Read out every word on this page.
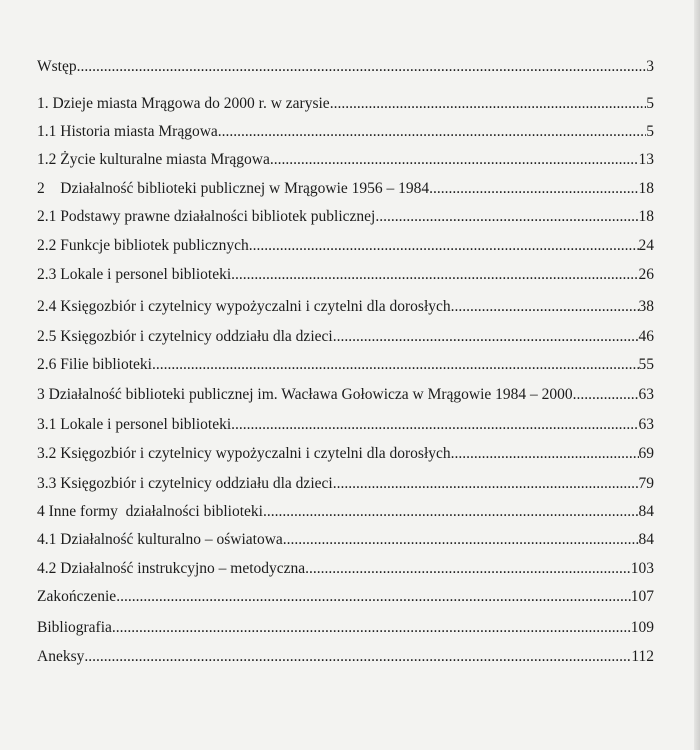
Wstęp .....	3
1. Dzieje miasta Mrągowa do 2000 r. w zarysie .....	5
1.1 Historia miasta Mrągowa .....	5
1.2 Życie kulturalne miasta Mrągowa .....	13
2    Działalność biblioteki publicznej w Mrągowie 1956 – 1984 .....	18
2.1 Podstawy prawne działalności bibliotek publicznej .....	18
2.2 Funkcje bibliotek publicznych .....	24
2.3 Lokale i personel biblioteki .....	26
2.4 Księgozbiór i czytelnicy wypożyczalni i czytelni dla dorosłych .....	38
2.5 Księgozbiór i czytelnicy oddziału dla dzieci .....	46
2.6 Filie biblioteki .....	55
3 Działalność biblioteki publicznej im. Wacława Gołowicza w Mrągowie 1984 – 2000 .....	63
3.1 Lokale i personel biblioteki .....	63
3.2 Księgozbiór i czytelnicy wypożyczalni i czytelni dla dorosłych .....	69
3.3 Księgozbiór i czytelnicy oddziału dla dzieci .....	79
4 Inne formy  działalności biblioteki .....	84
4.1 Działalność kulturalno – oświatowa .....	84
4.2 Działalność instrukcyjno – metodyczna .....	103
Zakończenie .....	107
Bibliografia .....	109
Aneksy .....	112
